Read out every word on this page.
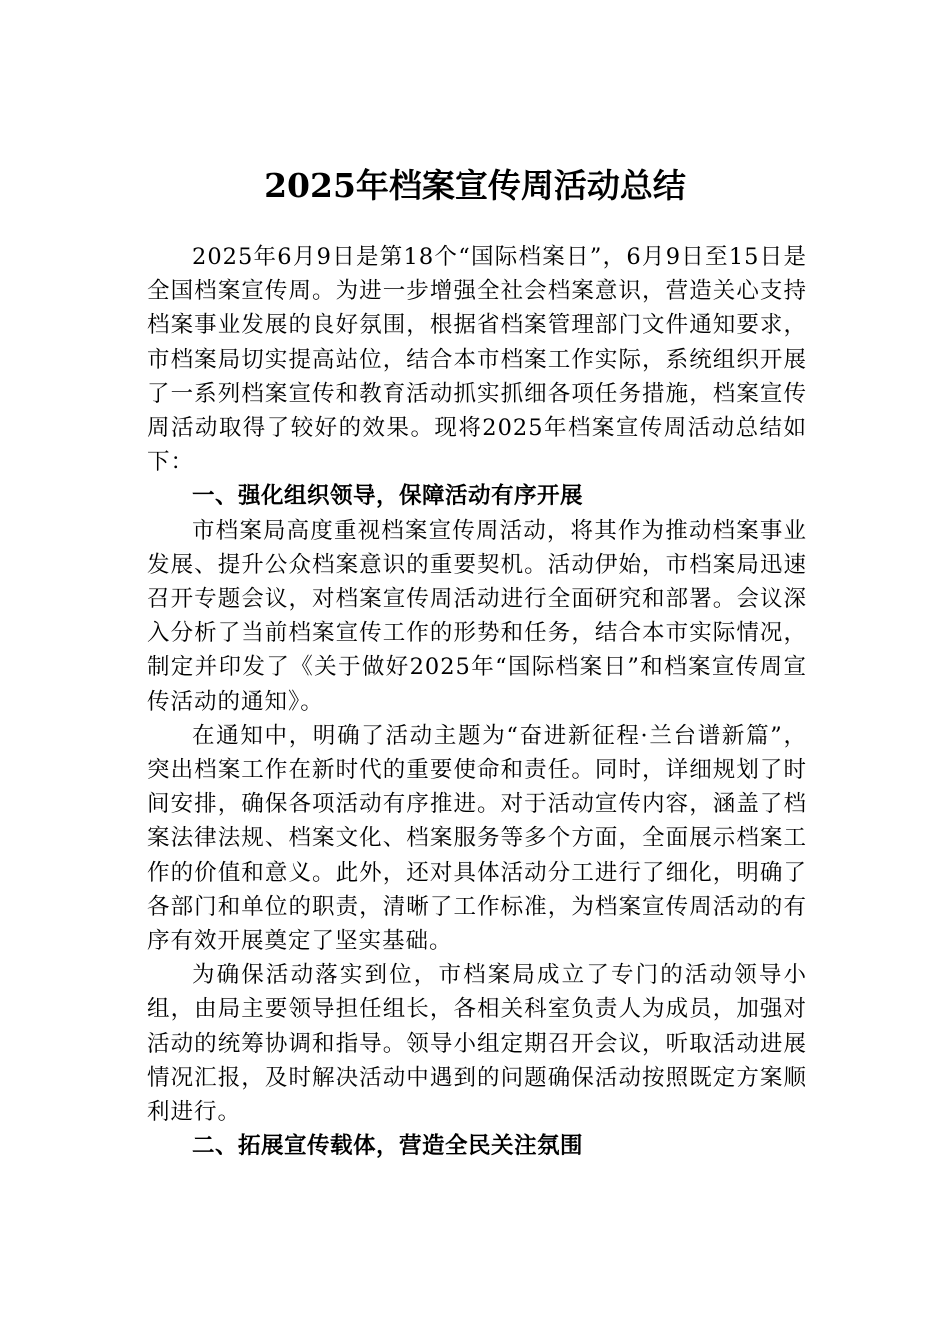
2025年档案宣传周活动总结

2025年6月9日是第18个“国际档案日”，6月9日至15日是全国档案宣传周。为进一步增强全社会档案意识，营造关心支持档案事业发展的良好氛围，根据省档案管理部门文件通知要求，市档案局切实提高站位，结合本市档案工作实际，系统组织开展了一系列档案宣传和教育活动抓实抓细各项任务措施，档案宣传周活动取得了较好的效果。现将2025年档案宣传周活动总结如下：

一、强化组织领导，保障活动有序开展

市档案局高度重视档案宣传周活动，将其作为推动档案事业发展、提升公众档案意识的重要契机。活动伊始，市档案局迅速召开专题会议，对档案宣传周活动进行全面研究和部署。会议深入分析了当前档案宣传工作的形势和任务，结合本市实际情况，制定并印发了《关于做好2025年“国际档案日”和档案宣传周宣传活动的通知》。

在通知中，明确了活动主题为“奋进新征程·兰台谱新篇”，突出档案工作在新时代的重要使命和责任。同时，详细规划了时间安排，确保各项活动有序推进。对于活动宣传内容，涵盖了档案法律法规、档案文化、档案服务等多个方面，全面展示档案工作的价值和意义。此外，还对具体活动分工进行了细化，明确了各部门和单位的职责，清晰了工作标准，为档案宣传周活动的有序有效开展奠定了坚实基础。

为确保活动落实到位，市档案局成立了专门的活动领导小组，由局主要领导担任组长，各相关科室负责人为成员，加强对活动的统筹协调和指导。领导小组定期召开会议，听取活动进展情况汇报，及时解决活动中遇到的问题确保活动按照既定方案顺利进行。

二、拓展宣传载体，营造全民关注氛围
